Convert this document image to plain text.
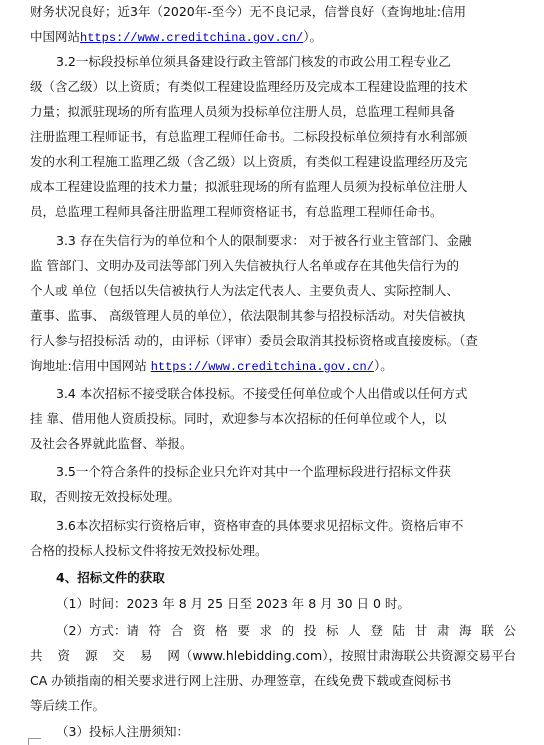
财务状况良好；近3年（2020年-至今）无不良记录，信誉良好（查询地址:信用
中国网站https://www.creditchina.gov.cn/）。
3.2一标段投标单位须具备建设行政主管部门核发的市政公用工程专业乙
级（含乙级）以上资质；有类似工程建设监理经历及完成本工程建设监理的技术
力量；拟派驻现场的所有监理人员须为投标单位注册人员，总监理工程师具备
注册监理工程师证书，有总监理工程师任命书。二标段投标单位须持有水利部颁
发的水利工程施工监理乙级（含乙级）以上资质，有类似工程建设监理经历及完
成本工程建设监理的技术力量；拟派驻现场的所有监理人员须为投标单位注册人
员，总监理工程师具备注册监理工程师资格证书，有总监理工程师任命书。
3.3 存在失信行为的单位和个人的限制要求： 对于被各行业主管部门、金融
监 管部门、文明办及司法等部门列入失信被执行人名单或存在其他失信行为的
个人或 单位（包括以失信被执行人为法定代表人、主要负责人、实际控制人、
董事、监事、 高级管理人员的单位），依法限制其参与招投标活动。对失信被执
行人参与招投标活 动的，由评标（评审）委员会取消其投标资格或直接废标。（查
询地址:信用中国网站 https://www.creditchina.gov.cn/）。
3.4 本次招标不接受联合体投标。不接受任何单位或个人出借或以任何方式
挂 靠、借用他人资质投标。同时，欢迎参与本次招标的任何单位或个人，以
及社会各界就此监督、举报。
3.5一个符合条件的投标企业只允许对其中一个监理标段进行招标文件获
取，否则按无效投标处理。
3.6本次招标实行资格后审，资格审查的具体要求见招标文件。资格后审不
合格的投标人投标文件将按无效投标处理。
4、招标文件的获取
（1）时间：2023 年 8 月 25 日至 2023 年 8 月 30 日 0 时。
（2）方式：请 符 合 资 格 要 求 的 投 标 人 登 陆 甘 肃 海 联 公
共 资 源 交 易 网（www.hlebidding.com），按照甘肃海联公共资源交易平台
CA 办锁指南的相关要求进行网上注册、办理签章，在线免费下载或查阅标书
等后续工作。
（3）投标人注册须知：
